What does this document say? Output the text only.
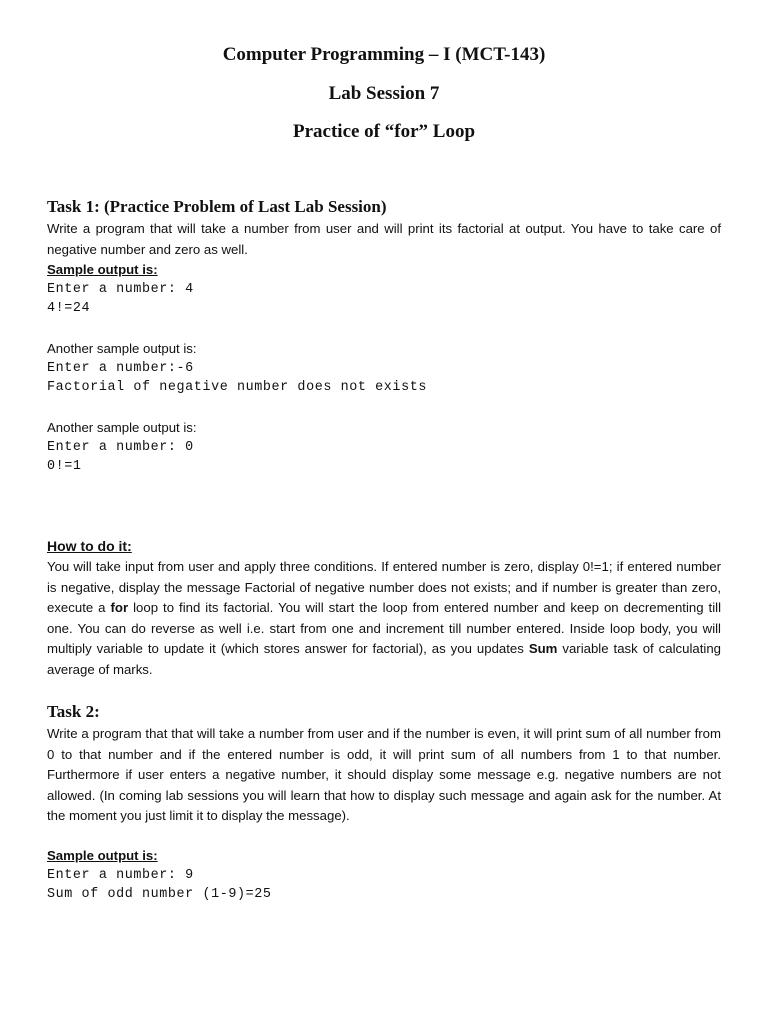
Computer Programming – I (MCT-143)
Lab Session 7
Practice of “for” Loop
Task 1: (Practice Problem of Last Lab Session)

Write a program that will take a number from user and will print its factorial at output. You have to take care of negative number and zero as well.

Sample output is:

Enter a number: 4

4!=24

Another sample output is:

Enter a number:-6

Factorial of negative number does not exists

Another sample output is:

Enter a number: 0

0!=1

How to do it:

You will take input from user and apply three conditions. If entered number is zero, display 0!=1; if entered number is negative, display the message Factorial of negative number does not exists; and if number is greater than zero, execute a for loop to find its factorial. You will start the loop from entered number and keep on decrementing till one. You can do reverse as well i.e. start from one and increment till number entered. Inside loop body, you will multiply variable to update it (which stores answer for factorial), as you updates Sum variable task of calculating average of marks.

Task 2:

Write a program that that will take a number from user and if the number is even, it will print sum of all number from 0 to that number and if the entered number is odd, it will print sum of all numbers from 1 to that number. Furthermore if user enters a negative number, it should display some message e.g. negative numbers are not allowed. (In coming lab sessions you will learn that how to display such message and again ask for the number. At the moment you just limit it to display the message).

Sample output is:

Enter a number: 9

Sum of odd number (1-9)=25
